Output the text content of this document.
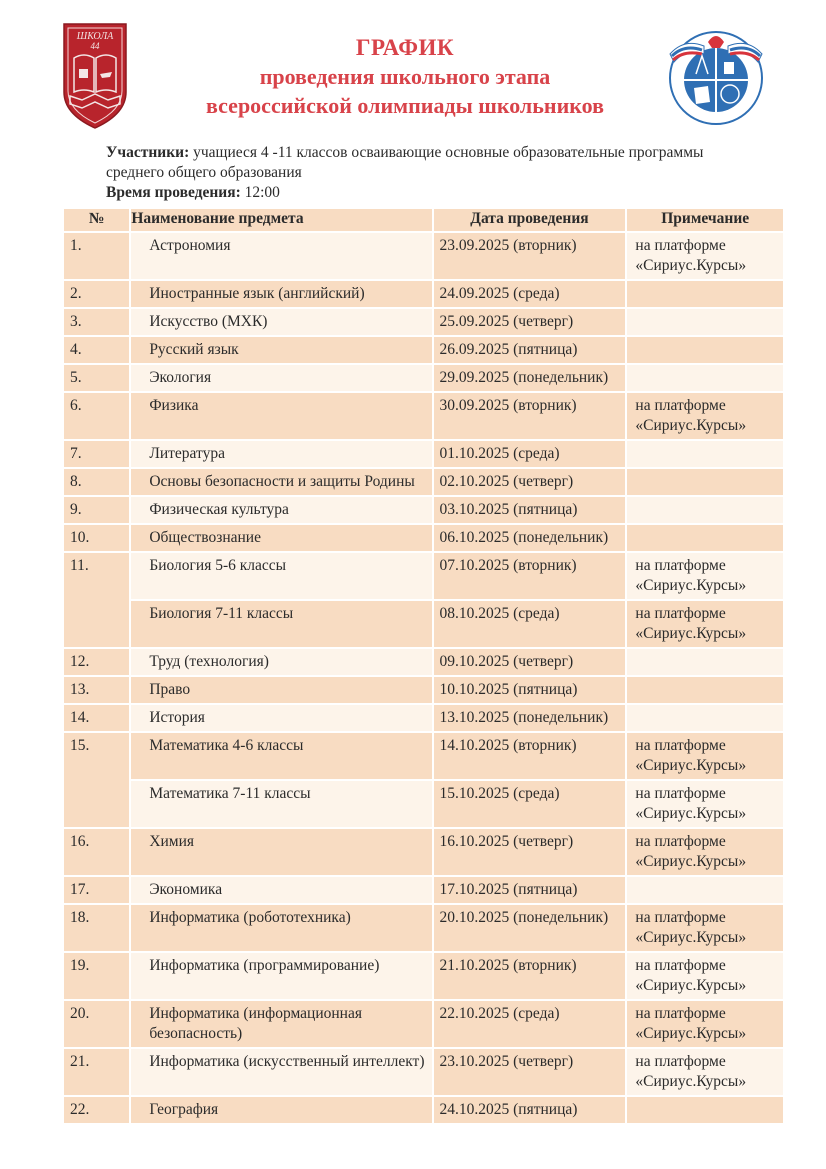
ШКОЛА
44	ГРАФИК
проведения школьного этапа
всероссийской олимпиады школьников
Участники: учащиеся 4 -11 классов осваивающие основные образовательные программы среднего общего образования
Время проведения: 12:00
№	Наименование предмета	Дата проведения	Примечание
1.	Астрономия	23.09.2025 (вторник)	на платформе «Сириус.Курсы»
2.	Иностранные язык (английский)	24.09.2025 (среда)	
3.	Искусство (МХК)	25.09.2025 (четверг)	
4.	Русский язык	26.09.2025 (пятница)	
5.	Экология	29.09.2025 (понедельник)	
6.	Физика	30.09.2025 (вторник)	на платформе «Сириус.Курсы»
7.	Литература	01.10.2025 (среда)	
8.	Основы безопасности и защиты Родины	02.10.2025 (четверг)	
9.	Физическая культура	03.10.2025 (пятница)	
10.	Обществознание	06.10.2025 (понедельник)	
11.	Биология 5-6 классы	07.10.2025 (вторник)	на платформе «Сириус.Курсы»
	Биология 7-11 классы	08.10.2025 (среда)	на платформе «Сириус.Курсы»
12.	Труд (технология)	09.10.2025 (четверг)	
13.	Право	10.10.2025 (пятница)	
14.	История	13.10.2025 (понедельник)	
15.	Математика 4-6 классы	14.10.2025 (вторник)	на платформе «Сириус.Курсы»
	Математика 7-11 классы	15.10.2025 (среда)	на платформе «Сириус.Курсы»
16.	Химия	16.10.2025 (четверг)	на платформе «Сириус.Курсы»
17.	Экономика	17.10.2025 (пятница)	
18.	Информатика (робототехника)	20.10.2025 (понедельник)	на платформе «Сириус.Курсы»
19.	Информатика (программирование)	21.10.2025 (вторник)	на платформе «Сириус.Курсы»
20.	Информатика (информационная безопасность)	22.10.2025 (среда)	на платформе «Сириус.Курсы»
21.	Информатика (искусственный интеллект)	23.10.2025 (четверг)	на платформе «Сириус.Курсы»
22.	География	24.10.2025 (пятница)	
